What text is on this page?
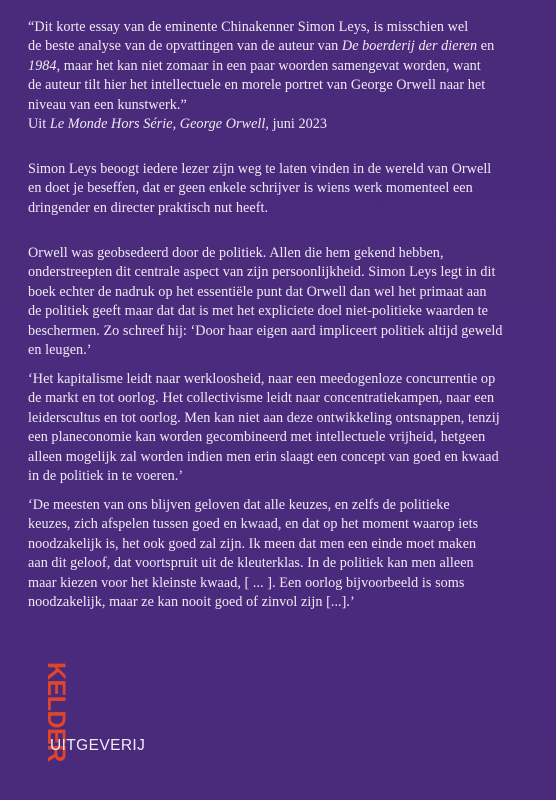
“Dit korte essay van de eminente Chinakenner Simon Leys, is misschien wel

de beste analyse van de opvattingen van de auteur van De boerderij der dieren en

1984, maar het kan niet zomaar in een paar woorden samengevat worden, want

de auteur tilt hier het intellectuele en morele portret van George Orwell naar het

niveau van een kunstwerk.”

Uit Le Monde Hors Série, George Orwell, juni 2023

Simon Leys beoogt iedere lezer zijn weg te laten vinden in de wereld van Orwell

en doet je beseffen, dat er geen enkele schrijver is wiens werk momenteel een

dringender en directer praktisch nut heeft.

Orwell was geobsedeerd door de politiek. Allen die hem gekend hebben,

onderstreepten dit centrale aspect van zijn persoonlijkheid. Simon Leys legt in dit

boek echter de nadruk op het essentiële punt dat Orwell dan wel het primaat aan

de politiek geeft maar dat dat is met het expliciete doel niet-politieke waarden te

beschermen. Zo schreef hij: ‘Door haar eigen aard impliceert politiek altijd geweld

en leugen.’

‘Het kapitalisme leidt naar werkloosheid, naar een meedogenloze concurrentie op

de markt en tot oorlog. Het collectivisme leidt naar concentratiekampen, naar een

leiderscultus en tot oorlog. Men kan niet aan deze ontwikkeling ontsnappen, tenzij

een planeconomie kan worden gecombineerd met intellectuele vrijheid, hetgeen

alleen mogelijk zal worden indien men erin slaagt een concept van goed en kwaad

in de politiek in te voeren.’

‘De meesten van ons blijven geloven dat alle keuzes, en zelfs de politieke

keuzes, zich afspelen tussen goed en kwaad, en dat op het moment waarop iets

noodzakelijk is, het ook goed zal zijn. Ik meen dat men een einde moet maken

aan dit geloof, dat voortspruit uit de kleuterklas. In de politiek kan men alleen

maar kiezen voor het kleinste kwaad, [ ... ]. Een oorlog bijvoorbeeld is soms

noodzakelijk, maar ze kan nooit goed of zinvol zijn [...].’

KELDER
UITGEVERIJ
